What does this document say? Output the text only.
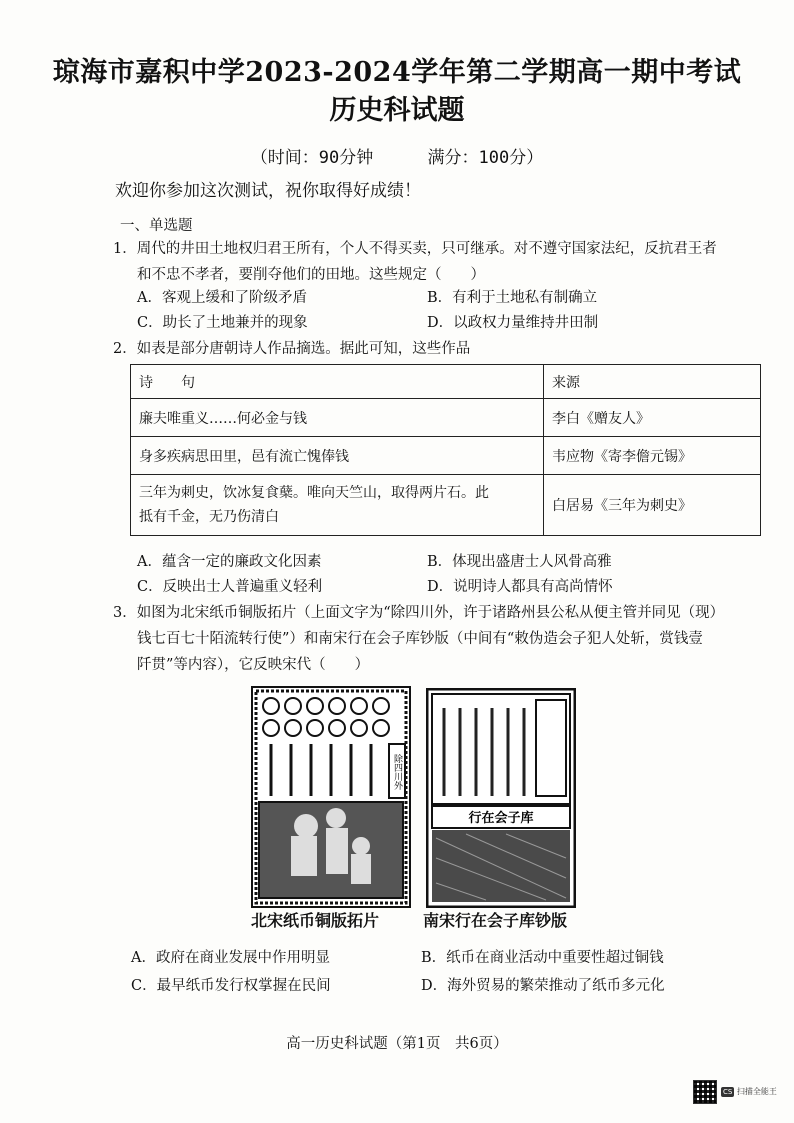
琼海市嘉积中学2023-2024学年第二学期高一期中考试
历史科试题
（时间：90分钟	满分：100分）
欢迎你参加这次测试，祝你取得好成绩！
一、单选题
1．周代的井田土地权归君王所有，个人不得买卖，只可继承。对不遵守国家法纪，反抗君王者
和不忠不孝者，要削夺他们的田地。这些规定（　　）
A．客观上缓和了阶级矛盾	B．有利于土地私有制确立
C．助长了土地兼并的现象	D．以政权力量维持井田制
2．如表是部分唐朝诗人作品摘选。据此可知，这些作品
诗　　句	来源
廉夫唯重义……何必金与钱	李白《赠友人》
身多疾病思田里，邑有流亡愧俸钱	韦应物《寄李儋元锡》

三年为刺史，饮冰复食蘖。唯向天竺山，取得两片石。此
抵有千金，无乃伤清白	白居易《三年为刺史》
A．蕴含一定的廉政文化因素	B．体现出盛唐士人风骨高雅
C．反映出士人普遍重义轻利	D．说明诗人都具有高尚情怀
3．如图为北宋纸币铜版拓片（上面文字为“除四川外，许于诸路州县公私从便主管并同见（现）
钱七百七十陌流转行使”）和南宋行在会子库钞版（中间有“敕伪造会子犯人处斩，赏钱壹
阡贯”等内容），它反映宋代（　　）
除四川外
行在会子库
北宋纸币铜版拓片	南宋行在会子库钞版
A．政府在商业发展中作用明显	B．纸币在商业活动中重要性超过铜钱
C．最早纸币发行权掌握在民间	D．海外贸易的繁荣推动了纸币多元化
高一历史科试题（第1页　共6页）
CS 扫描全能王
